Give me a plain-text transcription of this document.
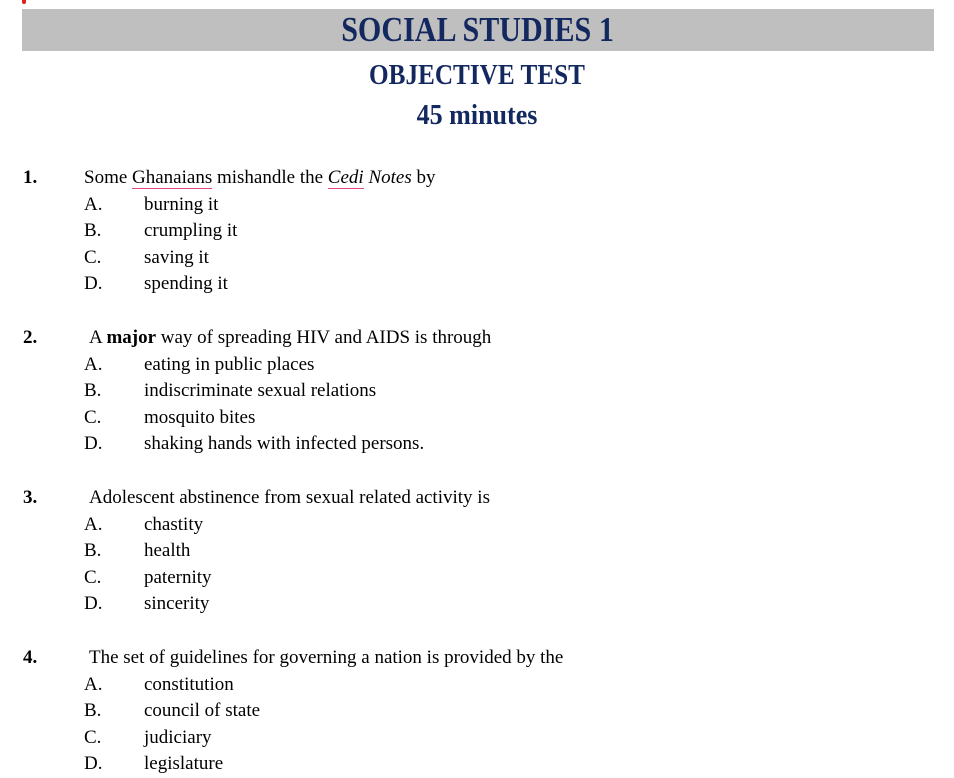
SOCIAL STUDIES 1
OBJECTIVE TEST
45 minutes
1. Some Ghanaians mishandle the Cedi Notes by
A. burning it
B. crumpling it
C. saving it
D. spending it
2.	A major way of spreading HIV and AIDS is through
A. eating in public places
B. indiscriminate sexual relations
C. mosquito bites
D. shaking hands with infected persons.
3.	Adolescent abstinence from sexual related activity is
A. chastity
B. health
C. paternity
D. sincerity
4.	The set of guidelines for governing a nation is provided by the
A. constitution
B. council of state
C. judiciary
D. legislature
